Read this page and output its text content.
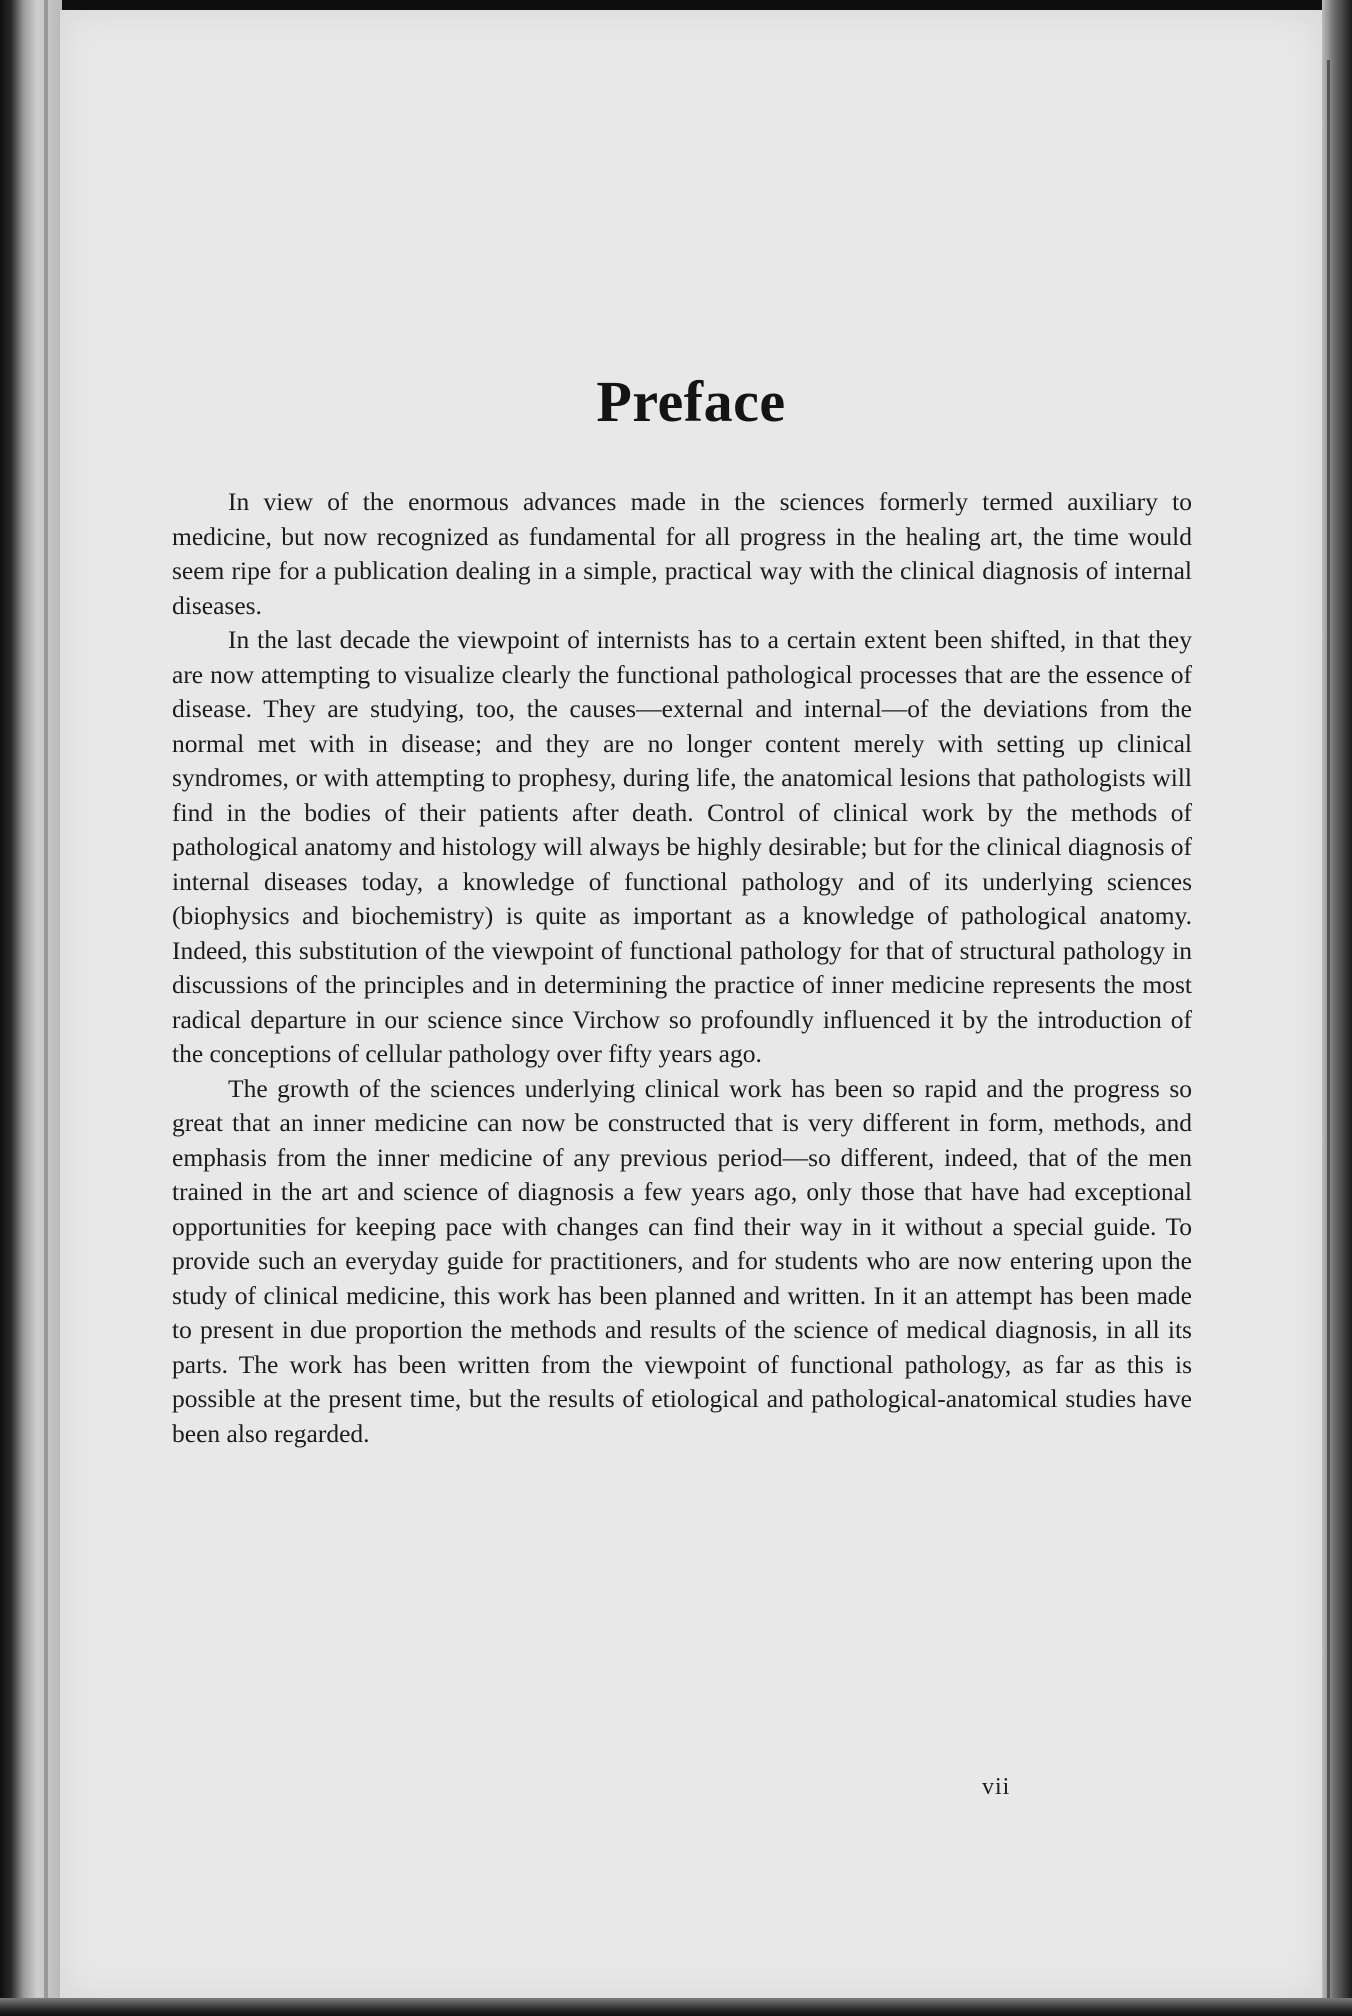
Preface

In view of the enormous advances made in the sciences formerly termed auxiliary to medicine, but now recognized as fundamental for all progress in the healing art, the time would seem ripe for a publication dealing in a simple, practical way with the clinical diagnosis of internal diseases.

In the last decade the viewpoint of internists has to a certain extent been shifted, in that they are now attempting to visualize clearly the functional pathological processes that are the essence of disease. They are studying, too, the causes—external and internal—of the deviations from the normal met with in disease; and they are no longer content merely with setting up clinical syndromes, or with attempting to prophesy, during life, the anatomical lesions that pathologists will find in the bodies of their patients after death. Control of clinical work by the methods of pathological anatomy and histology will always be highly desirable; but for the clinical diagnosis of internal diseases today, a knowledge of functional pathology and of its underlying sciences (biophysics and biochemistry) is quite as important as a knowledge of pathological anatomy. Indeed, this substitution of the viewpoint of functional pathology for that of structural pathology in discussions of the principles and in determining the practice of inner medicine represents the most radical departure in our science since Virchow so profoundly influenced it by the introduction of the conceptions of cellular pathology over fifty years ago.

The growth of the sciences underlying clinical work has been so rapid and the progress so great that an inner medicine can now be constructed that is very different in form, methods, and emphasis from the inner medicine of any previous period—so different, indeed, that of the men trained in the art and science of diagnosis a few years ago, only those that have had exceptional opportunities for keeping pace with changes can find their way in it without a special guide. To provide such an everyday guide for practitioners, and for students who are now entering upon the study of clinical medicine, this work has been planned and written. In it an attempt has been made to present in due proportion the methods and results of the science of medical diagnosis, in all its parts. The work has been written from the viewpoint of functional pathology, as far as this is possible at the present time, but the results of etiological and pathological-anatomical studies have been also regarded.

vii
